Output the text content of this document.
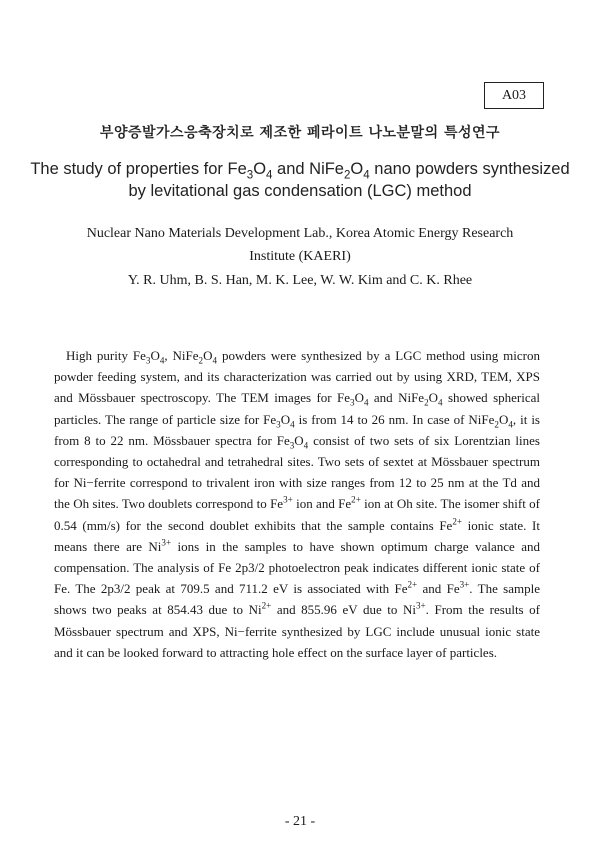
A03
부양증발가스응축장치로 제조한 페라이트 나노분말의 특성연구
The study of properties for $Fe_3O_4$ and $NiFe_2O_4$ nano powders synthesized by levitational gas condensation (LGC) method
Nuclear Nano Materials Development Lab., Korea Atomic Energy Research
Institute (KAERI)
Y. R. Uhm, B. S. Han, M. K. Lee, W. W. Kim and C. K. Rhee

High purity $Fe_3O_4$, $NiFe_2O_4$ powders were synthesized by a LGC method using micron powder feeding system, and its characterization was carried out by using XRD, TEM, XPS and Mössbauer spectroscopy. The TEM images for $Fe_3O_4$ and $NiFe_2O_4$ showed spherical particles. The range of particle size for $Fe_3O_4$ is from 14 to 26 nm. In case of $NiFe_2O_4$, it is from 8 to 22 nm. Mössbauer spectra for $Fe_3O_4$ consist of two sets of six Lorentzian lines corresponding to octahedral and tetrahedral sites. Two sets of sextet at Mössbauer spectrum for Ni−ferrite correspond to trivalent iron with size ranges from 12 to 25 nm at the Td and the Oh sites. Two doublets correspond to $Fe^{3+}$ ion and $Fe^{2+}$ ion at Oh site. The isomer shift of 0.54 (mm/s) for the second doublet exhibits that the sample contains $Fe^{2+}$ ionic state. It means there are $Ni^{3+}$ ions in the samples to have shown optimum charge valance and compensation. The analysis of Fe 2p3/2 photoelectron peak indicates different ionic state of Fe. The 2p3/2 peak at 709.5 and 711.2 eV is associated with $Fe^{2+}$ and $Fe^{3+}$. The sample shows two peaks at 854.43 due to $Ni^{2+}$ and 855.96 eV due to $Ni^{3+}$. From the results of Mössbauer spectrum and XPS, Ni−ferrite synthesized by LGC include unusual ionic state and it can be looked forward to attracting hole effect on the surface layer of particles.

- 21 -
